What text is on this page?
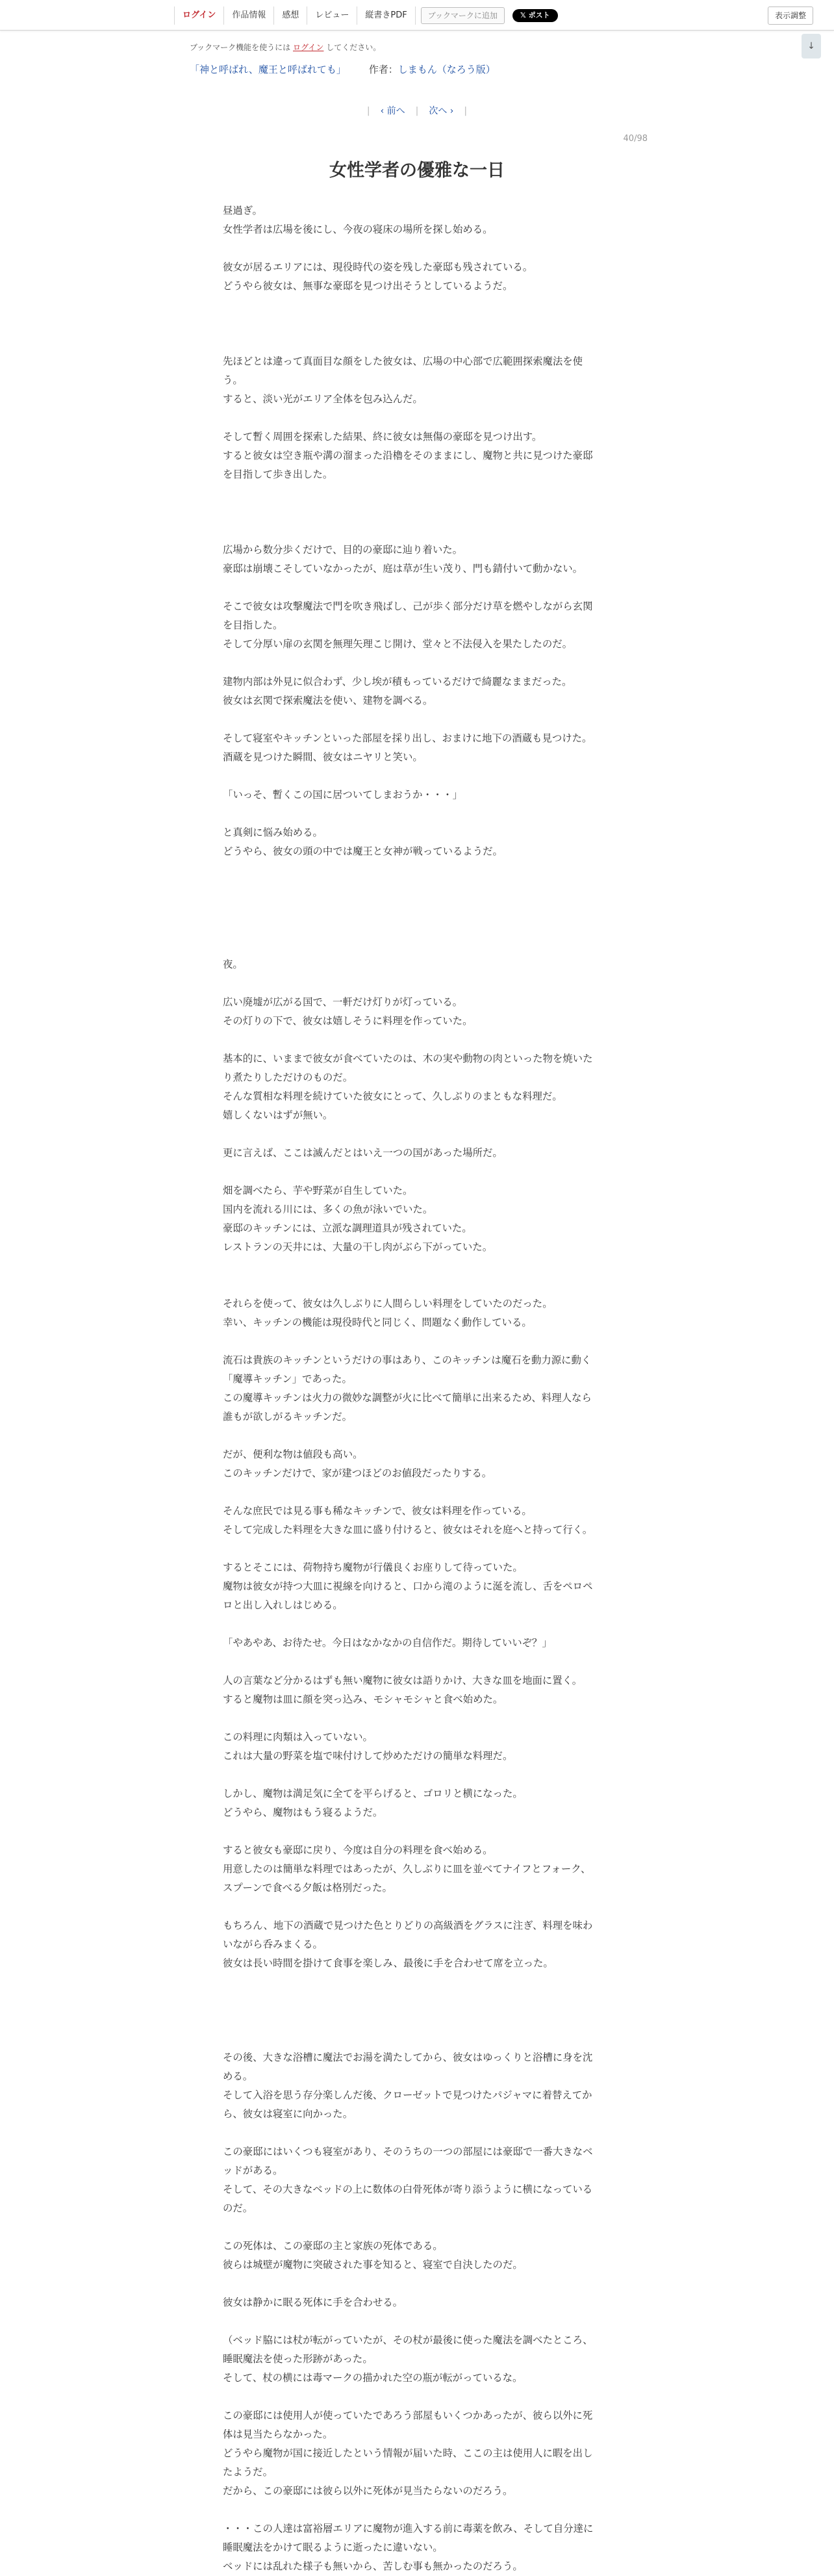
ログイン	作品情報	感想	レビュー	縦書きPDF	ブックマークに追加	𝕏 ポスト	表示調整
↓
ブックマーク機能を使うには ログイン してください。
「神と呼ばれ、魔王と呼ばれても」 作者：しまもん（なろう版）
| ‹ 前へ | 次へ › |
40/98
女性学者の優雅な一日

昼過ぎ。

女性学者は広場を後にし、今夜の寝床の場所を探し始める。

彼女が居るエリアには、現役時代の姿を残した豪邸も残されている。

どうやら彼女は、無事な豪邸を見つけ出そうとしているようだ。

先ほどとは違って真面目な顔をした彼女は、広場の中心部で広範囲探索魔法を使

う。

すると、淡い光がエリア全体を包み込んだ。

そして暫く周囲を探索した結果、終に彼女は無傷の豪邸を見つけ出す。

すると彼女は空き瓶や溝の溜まった沿櫓をそのままにし、魔物と共に見つけた豪邸

を目指して歩き出した。

広場から数分歩くだけで、目的の豪邸に辿り着いた。

豪邸は崩壊こそしていなかったが、庭は草が生い茂り、門も錆付いて動かない。

そこで彼女は攻撃魔法で門を吹き飛ばし、己が歩く部分だけ草を燃やしながら玄関

を目指した。

そして分厚い扉の玄関を無理矢理こじ開け、堂々と不法侵入を果たしたのだ。

建物内部は外見に似合わず、少し埃が積もっているだけで綺麗なままだった。

彼女は玄関で探索魔法を使い、建物を調べる。

そして寝室やキッチンといった部屋を採り出し、おまけに地下の酒蔵も見つけた。

酒蔵を見つけた瞬間、彼女はニヤリと笑い。

「いっそ、暫くこの国に居ついてしまおうか・・・」

と真剣に悩み始める。

どうやら、彼女の頭の中では魔王と女神が戦っているようだ。

夜。

広い廃墟が広がる国で、一軒だけ灯りが灯っている。

その灯りの下で、彼女は嬉しそうに料理を作っていた。

基本的に、いままで彼女が食べていたのは、木の実や動物の肉といった物を焼いた

り煮たりしただけのものだ。

そんな質相な料理を続けていた彼女にとって、久しぶりのまともな料理だ。

嬉しくないはずが無い。

更に言えば、ここは滅んだとはいえ一つの国があった場所だ。

畑を調べたら、芋や野菜が自生していた。

国内を流れる川には、多くの魚が泳いでいた。

豪邸のキッチンには、立派な調理道具が残されていた。

レストランの天井には、大量の干し肉がぶら下がっていた。

それらを使って、彼女は久しぶりに人間らしい料理をしていたのだった。

幸い、キッチンの機能は現役時代と同じく、問題なく動作している。

流石は貴族のキッチンというだけの事はあり、このキッチンは魔石を動力源に動く

「魔導キッチン」であった。

この魔導キッチンは火力の微妙な調整が火に比べて簡単に出来るため、料理人なら

誰もが欲しがるキッチンだ。

だが、便利な物は値段も高い。

このキッチンだけで、家が建つほどのお値段だったりする。

そんな庶民では見る事も稀なキッチンで、彼女は料理を作っている。

そして完成した料理を大きな皿に盛り付けると、彼女はそれを庭へと持って行く。

するとそこには、荷物持ち魔物が行儀良くお座りして待っていた。

魔物は彼女が持つ大皿に視線を向けると、口から滝のように涎を流し、舌をペロペ

ロと出し入れしはじめる。

「やあやあ、お待たせ。今日はなかなかの自信作だ。期待していいぞ？」

人の言葉など分かるはずも無い魔物に彼女は語りかけ、大きな皿を地面に置く。

すると魔物は皿に顔を突っ込み、モシャモシャと食べ始めた。

この料理に肉類は入っていない。

これは大量の野菜を塩で味付けして炒めただけの簡単な料理だ。

しかし、魔物は満足気に全てを平らげると、ゴロリと横になった。

どうやら、魔物はもう寝るようだ。

すると彼女も豪邸に戻り、今度は自分の料理を食べ始める。

用意したのは簡単な料理ではあったが、久しぶりに皿を並べてナイフとフォーク、

スプーンで食べる夕飯は格別だった。

もちろん、地下の酒蔵で見つけた色とりどりの高級酒をグラスに注ぎ、料理を味わ

いながら呑みまくる。

彼女は長い時間を掛けて食事を楽しみ、最後に手を合わせて席を立った。

その後、大きな浴槽に魔法でお湯を満たしてから、彼女はゆっくりと浴槽に身を沈

める。

そして入浴を思う存分楽しんだ後、クローゼットで見つけたパジャマに着替えてか

ら、彼女は寝室に向かった。

この豪邸にはいくつも寝室があり、そのうちの一つの部屋には豪邸で一番大きなベ

ッドがある。

そして、その大きなベッドの上に数体の白骨死体が寄り添うように横になっている

のだ。

この死体は、この豪邸の主と家族の死体である。

彼らは城壁が魔物に突破された事を知ると、寝室で自決したのだ。

彼女は静かに眠る死体に手を合わせる。

（ベッド脇には杖が転がっていたが、その杖が最後に使った魔法を調べたところ、

睡眠魔法を使った形跡があった。

そして、杖の横には毒マークの描かれた空の瓶が転がっているな。

この豪邸には使用人が使っていたであろう部屋もいくつかあったが、彼ら以外に死

体は見当たらなかった。

どうやら魔物が国に接近したという情報が届いた時、ここの主は使用人に暇を出し

たようだ。

だから、この豪邸には彼ら以外に死体が見当たらないのだろう。

・・・この人達は富裕層エリアに魔物が進入する前に毒薬を飲み、そして自分達に

睡眠魔法をかけて眠るように逝ったに違いない。

ベッドには乱れた様子も無いから、苦しむ事も無かったのだろう。
